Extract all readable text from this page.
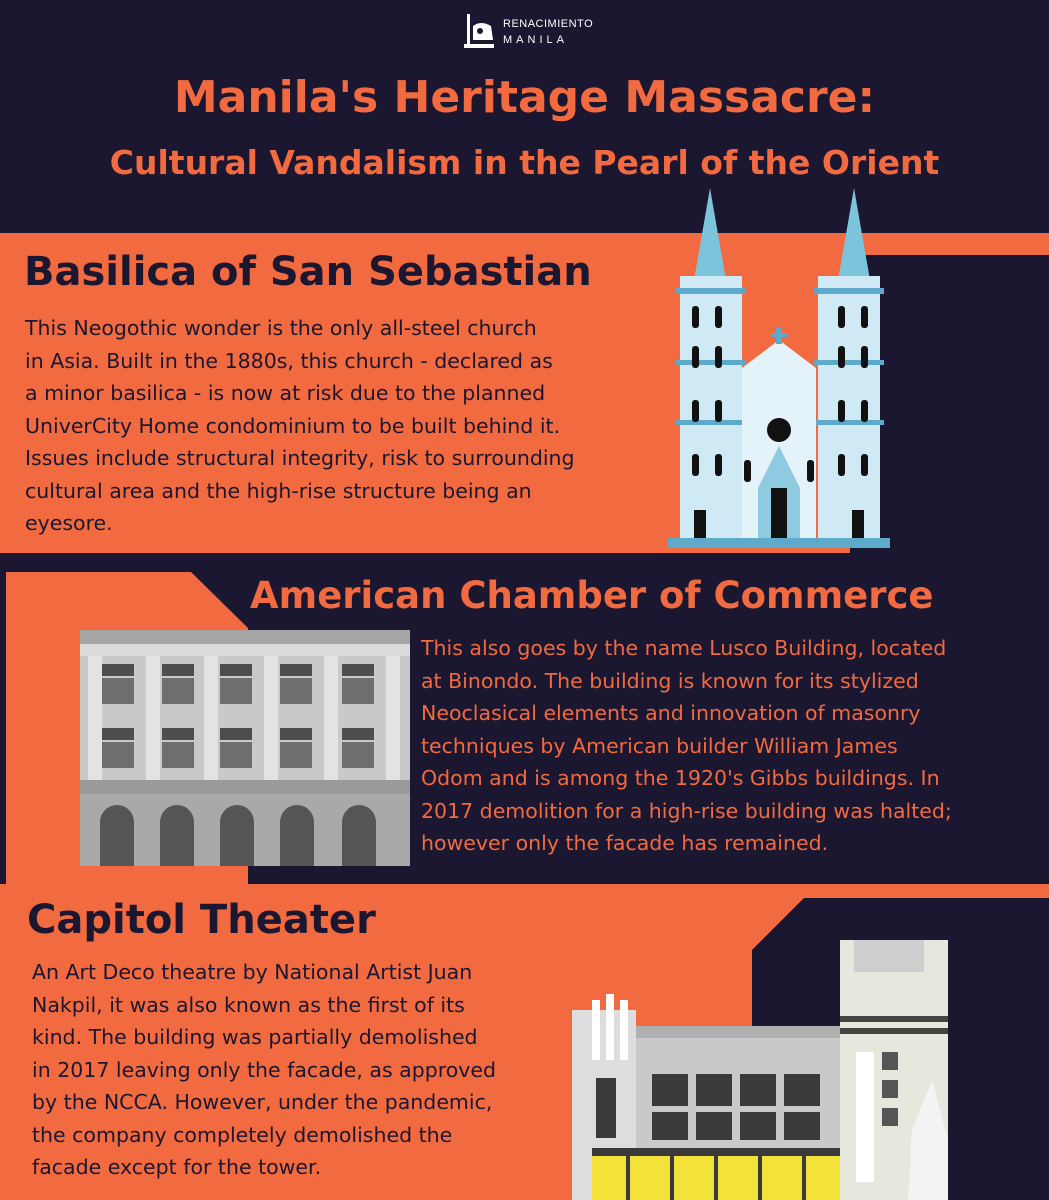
RENACIMIENTO
MANILA
Manila's Heritage Massacre:
Cultural Vandalism in the Pearl of the Orient
Basilica of San Sebastian
This Neogothic wonder is the only all-steel church
in Asia. Built in the 1880s, this church - declared as
a minor basilica - is now at risk due to the planned
UniverCity Home condominium to be built behind it.
Issues include structural integrity, risk to surrounding
cultural area and the high-rise structure being an
eyesore.
American Chamber of Commerce
This also goes by the name Lusco Building, located
at Binondo. The building is known for its stylized
Neoclasical elements and innovation of masonry
techniques by American builder William James
Odom and is among the 1920's Gibbs buildings. In
2017 demolition for a high-rise building was halted;
however only the facade has remained.
Capitol Theater
An Art Deco theatre by National Artist Juan
Nakpil, it was also known as the first of its
kind. The building was partially demolished
in 2017 leaving only the facade, as approved
by the NCCA. However, under the pandemic,
the company completely demolished the
facade except for the tower.
